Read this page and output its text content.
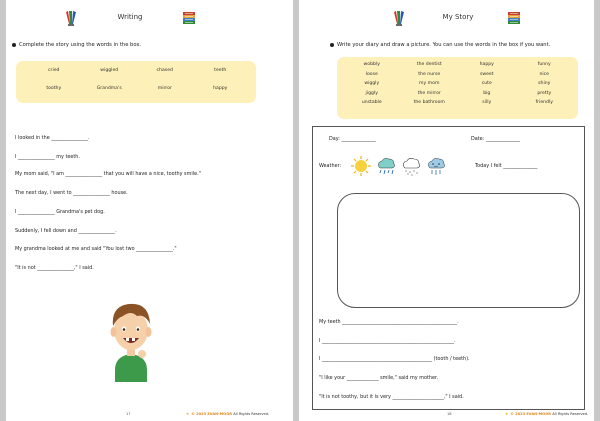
Writing
Complete the story using the words in the box.
cried	wiggled	chased	teeth
toothy	Grandma's	mirror	happy
I looked in the _______________.
I _______________ my teeth.
My mom said, "I am _______________ that you will have a nice, toothy smile."
The next day, I went to _______________ house.
I _______________ Grandma's pet dog.
Suddenly, I fell down and _______________.
My grandma looked at me and said "You lost two _______________."
"It is not _______________," I said.
17	★ © 2023 EVAN-MOOR All Rights Reserved.
My Story
Write your diary and draw a picture. You can use the words in the box if you want.
wobbly	the dentist	happy	funny
loose	the nurse	sweet	nice
wiggly	my mom	cute	shiny
jiggly	the mirror	big	pretty
unstable	the bathroom	silly	friendly
Day: ______________	Date: ______________
Weather:	Today I felt ______________
My teeth _______________________________________________.
I ______________________________________________________.
I _____________________________________________ (tooth / teeth).
"I like your _____________ smile," said my mother.
"It is not toothy, but it is very _____________________," I said.
18	★ © 2023 EVAN-MOOR All Rights Reserved.
